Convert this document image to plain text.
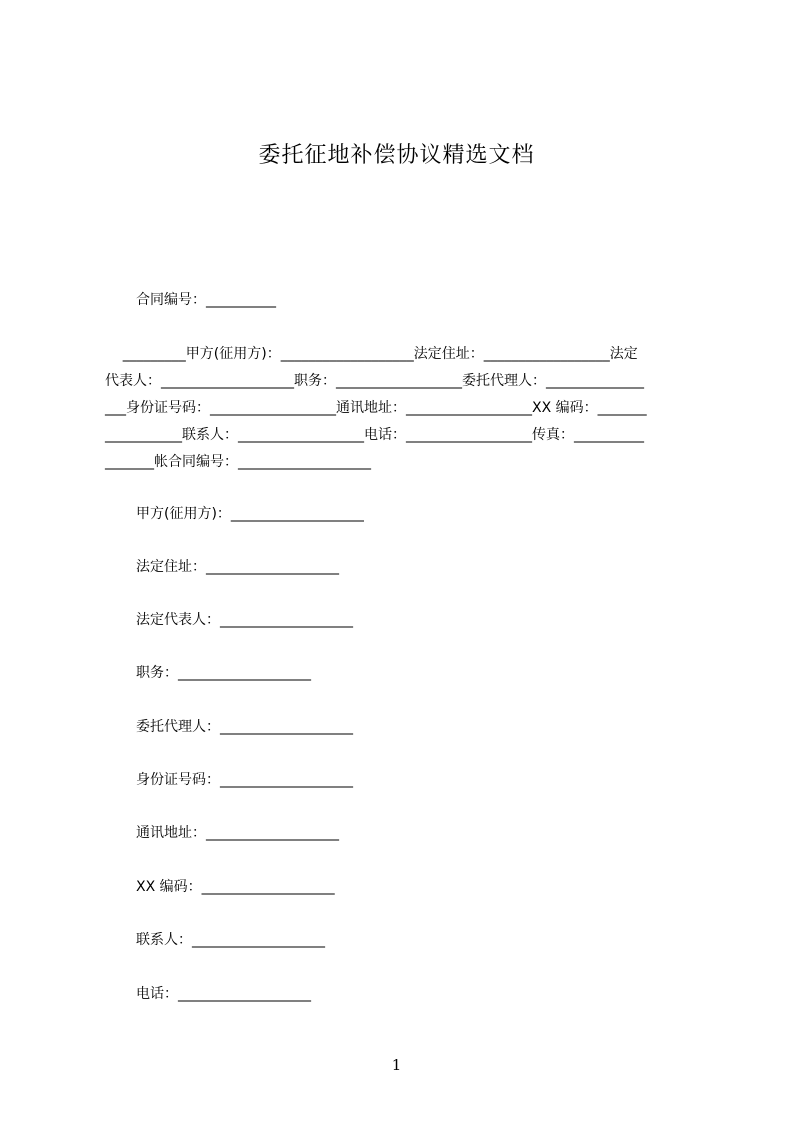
委托征地补偿协议精选文档
合同编号：__________
_________甲方(征用方)：___________________法定住址：__________________法定
代表人：___________________职务：__________________委托代理人：______________
___身份证号码：__________________通讯地址：__________________XX 编码：_______
___________联系人：__________________电话：__________________传真：__________
_______帐合同编号：___________________
甲方(征用方)：___________________
法定住址：___________________
法定代表人：___________________
职务：___________________
委托代理人：___________________
身份证号码：___________________
通讯地址：___________________
XX 编码：___________________
联系人：___________________
电话：___________________
1
